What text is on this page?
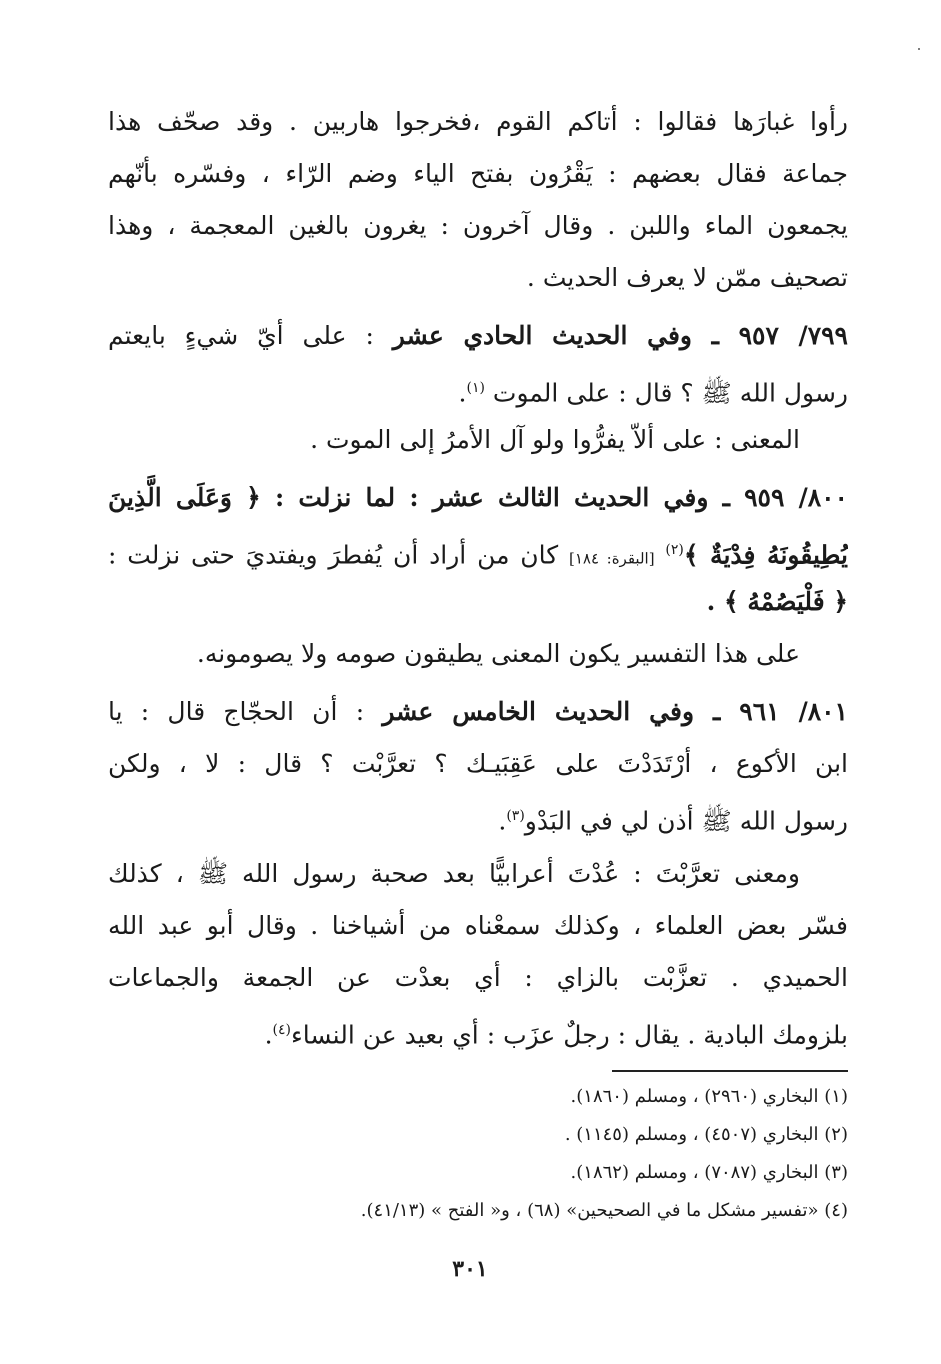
رأوا غبارَها فقالوا : أتاكم القوم ،فخرجوا هاربين . وقد صحّف هذا
جماعة فقال بعضهم : يَقْرُون بفتح الياء وضم الرّاء ، وفسّره بأنّهم
يجمعون الماء واللبن . وقال آخرون : يغرون بالغين المعجمة ، وهذا
تصحيف ممّن لا يعرف الحديث .
٧٩٩/ ٩٥٧ ـ وفي الحديث الحادي عشر : على أيّ شيءٍ بايعتم
رسول الله ﷺ ؟ قال : على الموت $^{(١)}$.
المعنى : على ألاّ يفرُّوا ولو آل الأمرُ إلى الموت .
٨٠٠/ ٩٥٩ ـ وفي الحديث الثالث عشر : لما نزلت : ﴿ وَعَلَى الَّذِينَ
يُطِيقُونَهُ فِدْيَةٌ ﴾$^{(٢)}$ [البقرة: ١٨٤] كان من أراد أن يُفطرَ ويفتديَ حتى نزلت :
﴿ فَلْيَصُمْهُ ﴾ .
على هذا التفسير يكون المعنى يطيقون صومه ولا يصومونه.
٨٠١/ ٩٦١ ـ وفي الحديث الخامس عشر : أن الحجّاج قال : يا
ابن الأكوع ، أرْتَدَدْتَ على عَقِبَيـك ؟ تعرَّبْت ؟ قال : لا ، ولكن
رسول الله ﷺ أذن لي في البَدْو$^{(٣)}$.
ومعنى تعرَّبْتَ : عُدْتَ أعرابيًّا بعد صحبة رسول الله ﷺ ، كذلك
فسّر بعض العلماء ، وكذلك سمعْناه من أشياخنا . وقال أبو عبد الله
الحميدي . تعزَّبْت بالزاي : أي بعدْت عن الجمعة والجماعات
بلزومك البادية . يقال : رجلٌ عزَب : أي بعيد عن النساء$^{(٤)}$.
(١) البخاري (٢٩٦٠) ، ومسلم (١٨٦٠).
(٢) البخاري (٤٥٠٧) ، ومسلم (١١٤٥) .
(٣) البخاري (٧٠٨٧) ، ومسلم (١٨٦٢).
(٤) «تفسير مشكل ما في الصحيحين» (٦٨) ، و« الفتح » (٤١/١٣).
٣٠١
